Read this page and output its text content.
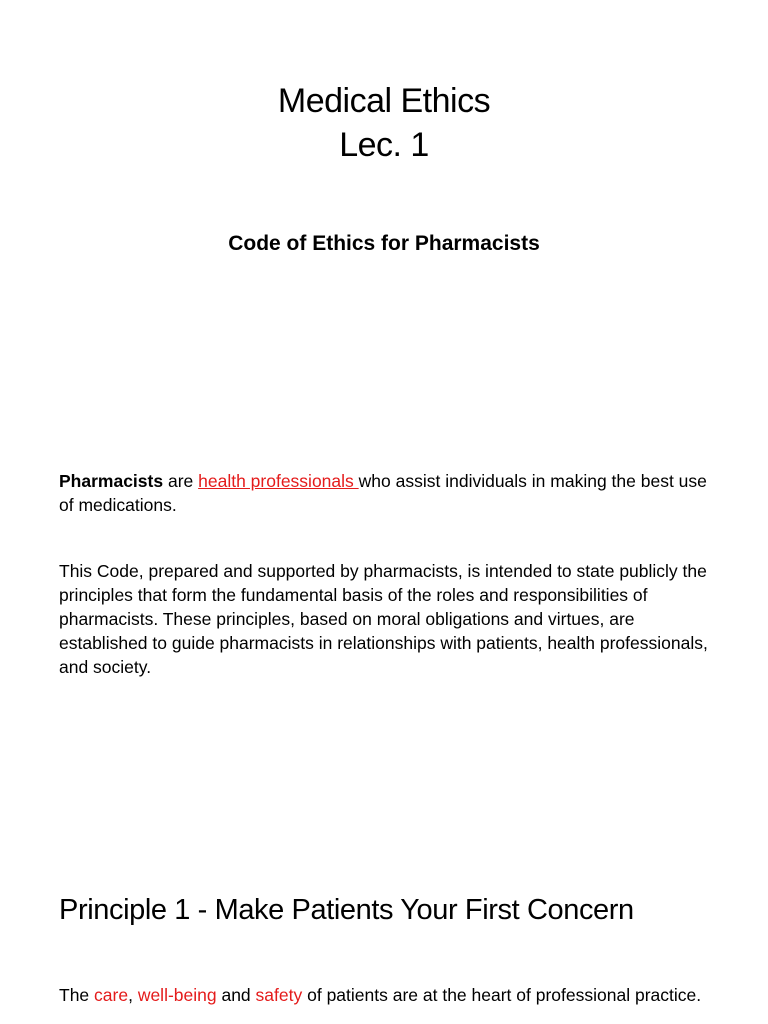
Medical Ethics
Lec. 1
Code of Ethics for Pharmacists

Pharmacists are health professionals who assist individuals in making the best use of medications.

This Code, prepared and supported by pharmacists, is intended to state publicly the principles that form the fundamental basis of the roles and responsibilities of pharmacists. These principles, based on moral obligations and virtues, are established to guide pharmacists in relationships with patients, health professionals, and society.

Principle 1 - Make Patients Your First Concern

The care, well-being and safety of patients are at the heart of professional practice.
